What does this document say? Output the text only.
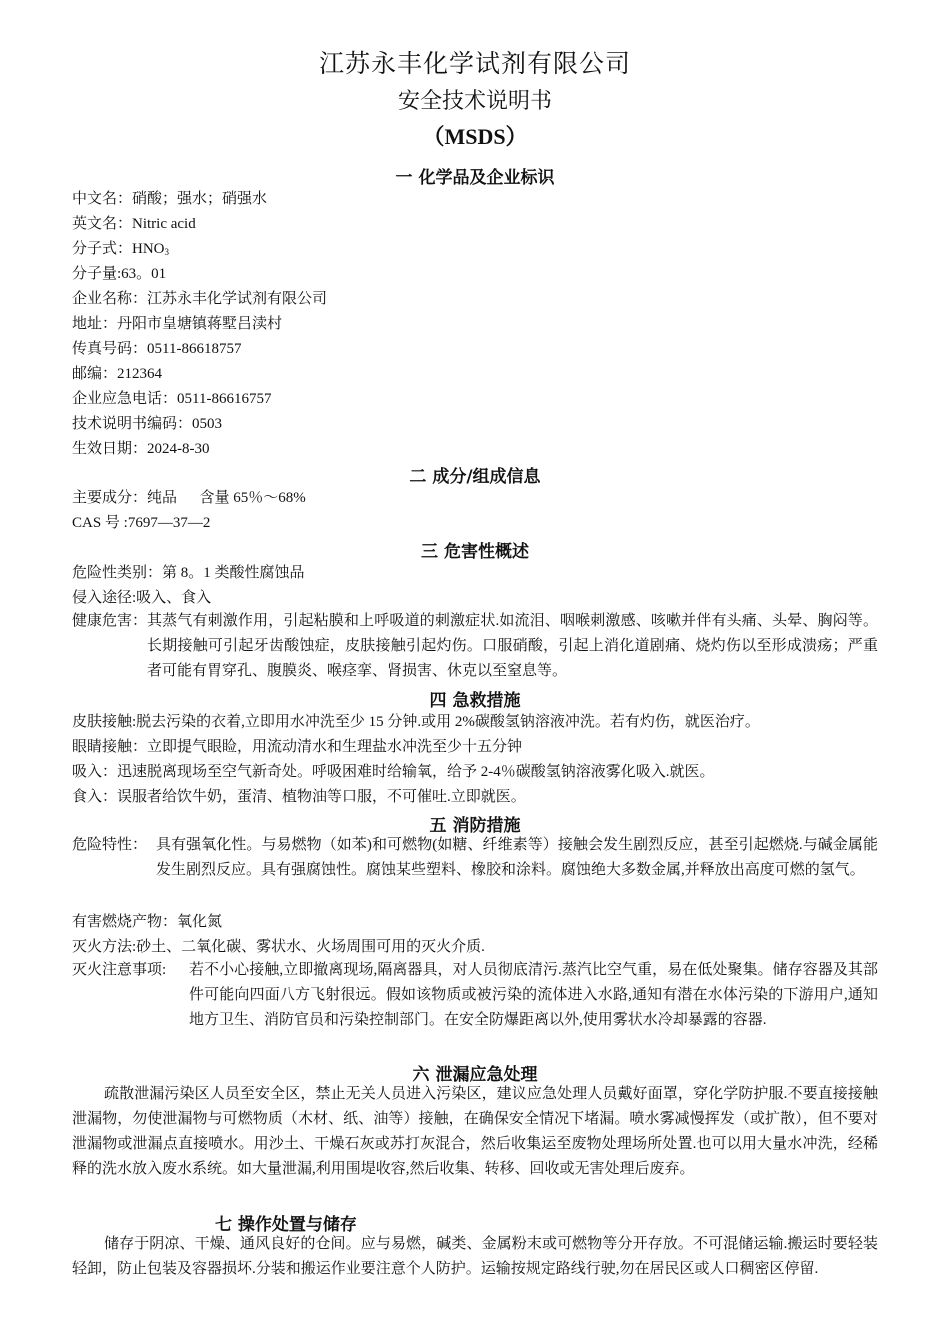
江苏永丰化学试剂有限公司
安全技术说明书
（MSDS）
一 化学品及企业标识
中文名：硝酸；强水；硝强水
英文名：Nitric acid
分子式：$HNO_3$
分子量:63。01
企业名称：江苏永丰化学试剂有限公司
地址：丹阳市皇塘镇蒋墅吕渎村
传真号码：0511-86618757
邮编：212364
企业应急电话：0511-86616757
技术说明书编码：0503
生效日期：2024-8-30
二 成分/组成信息
主要成分：纯品      含量 65％～68%
CAS 号 :7697—37—2
三 危害性概述
危险性类别：第 8。1 类酸性腐蚀品
侵入途径:吸入、食入
健康危害： 其蒸气有刺激作用，引起粘膜和上呼吸道的刺激症状.如流泪、咽喉刺激感、咳嗽并伴有头痛、头晕、胸闷等。长期接触可引起牙齿酸蚀症，皮肤接触引起灼伤。口服硝酸，引起上消化道剧痛、烧灼伤以至形成溃疡；严重者可能有胃穿孔、腹膜炎、喉痉挛、肾损害、休克以至窒息等。
四 急救措施
皮肤接触:脱去污染的衣着,立即用水冲洗至少 15 分钟.或用 2%碳酸氢钠溶液冲洗。若有灼伤，就医治疗。
眼睛接触：立即提气眼睑，用流动清水和生理盐水冲洗至少十五分钟
吸入：迅速脱离现场至空气新奇处。呼吸困难时给输氧，给予 2-4％碳酸氢钠溶液雾化吸入.就医。
食入：误服者给饮牛奶，蛋清、植物油等口服，不可催吐.立即就医。
五 消防措施
危险特性： 具有强氧化性。与易燃物（如苯)和可燃物(如糖、纤维素等）接触会发生剧烈反应，甚至引起燃烧.与碱金属能发生剧烈反应。具有强腐蚀性。腐蚀某些塑料、橡胶和涂料。腐蚀绝大多数金属,并释放出高度可燃的氢气。
有害燃烧产物：氧化氮
灭火方法:砂土、二氧化碳、雾状水、火场周围可用的灭火介质.
灭火注意事项:	若不小心接触,立即撤离现场,隔离器具，对人员彻底清污.蒸汽比空气重，易在低处聚集。储存容器及其部件可能向四面八方飞射很远。假如该物质或被污染的流体进入水路,通知有潜在水体污染的下游用户,通知地方卫生、消防官员和污染控制部门。在安全防爆距离以外,使用雾状水冷却暴露的容器.
六 泄漏应急处理
疏散泄漏污染区人员至安全区，禁止无关人员进入污染区，建议应急处理人员戴好面罩，穿化学防护服.不要直接接触泄漏物，勿使泄漏物与可燃物质（木材、纸、油等）接触，在确保安全情况下堵漏。喷水雾减慢挥发（或扩散），但不要对泄漏物或泄漏点直接喷水。用沙土、干燥石灰或苏打灰混合，然后收集运至废物处理场所处置.也可以用大量水冲洗，经稀释的洗水放入废水系统。如大量泄漏,利用围堤收容,然后收集、转移、回收或无害处理后废弃。
七 操作处置与储存
储存于阴凉、干燥、通风良好的仓间。应与易燃，碱类、金属粉末或可燃物等分开存放。不可混储运输.搬运时要轻装轻卸，防止包装及容器损坏.分装和搬运作业要注意个人防护。运输按规定路线行驶,勿在居民区或人口稠密区停留.
